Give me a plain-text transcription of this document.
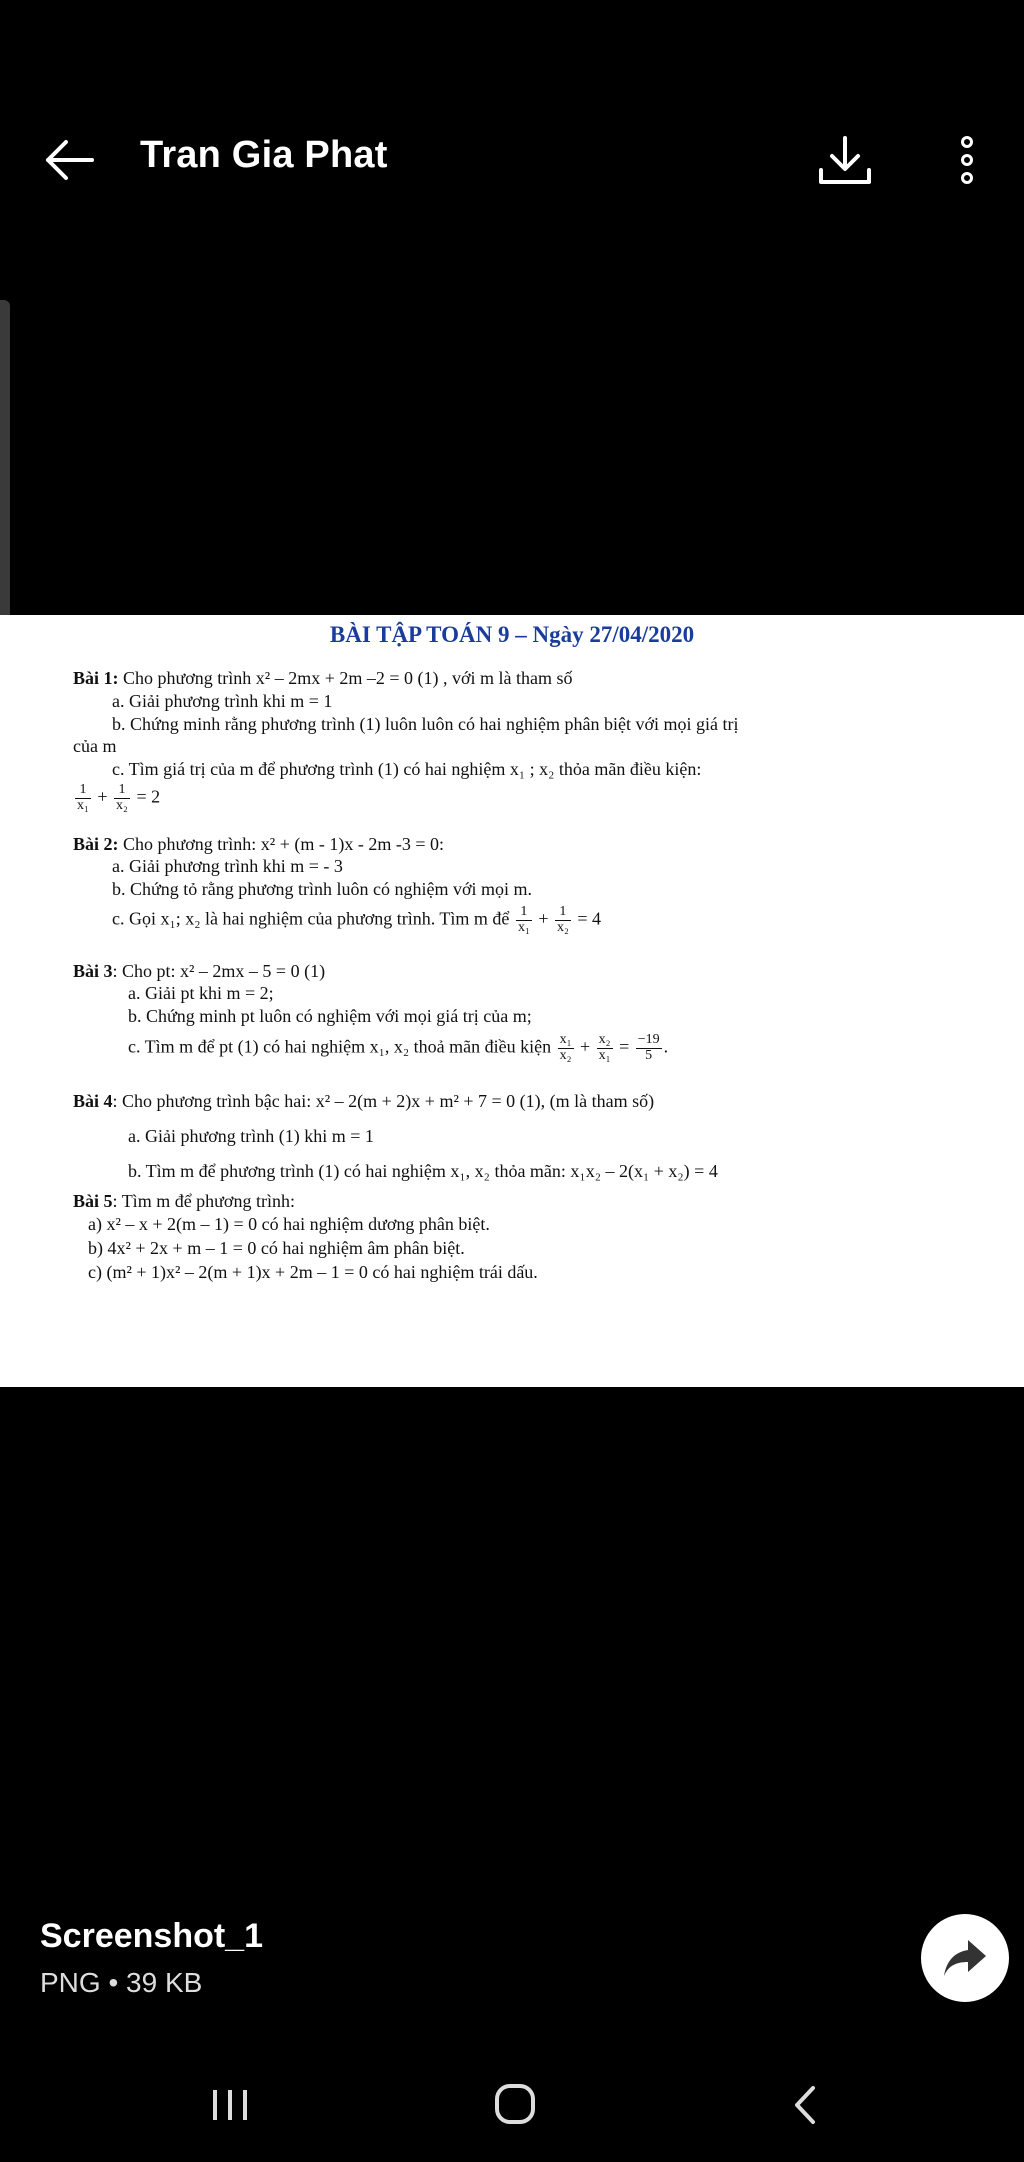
Tran Gia Phat
BÀI TẬP TOÁN 9 – Ngày 27/04/2020
Bài 1: Cho phương trình x² – 2mx + 2m –2 = 0 (1) , với m là tham số
a. Giải phương trình khi m = 1
b. Chứng minh rằng phương trình (1) luôn luôn có hai nghiệm phân biệt với mọi giá trị
của m
c. Tìm giá trị của m để phương trình (1) có hai nghiệm x₁ ; x₂ thỏa mãn điều kiện:
$\frac{1}{\text{x₁}} + \frac{1}{\text{x₂}} = 2$
Bài 2: Cho phương trình: x² + (m - 1)x - 2m -3 = 0:
a. Giải phương trình khi m = - 3
b. Chứng tỏ rằng phương trình luôn có nghiệm với mọi m.
c. Gọi x₁; x₂ là hai nghiệm của phương trình. Tìm m để $\frac{1}{\text{x₁}} + \frac{1}{\text{x₂}} = 4$
Bài 3: Cho pt: x² – 2mx – 5 = 0 (1)
a. Giải pt khi m = 2;
b. Chứng minh pt luôn có nghiệm với mọi giá trị của m;
c. Tìm m để pt (1) có hai nghiệm x₁, x₂ thoả mãn điều kiện $\frac{\text{x₁}}{\text{x₂}} + \frac{\text{x₂}}{\text{x₁}} = \frac{-19}{5}$ .
Bài 4: Cho phương trình bậc hai: x² – 2(m + 2)x + m² + 7 = 0 (1), (m là tham số)
a. Giải phương trình (1) khi m = 1
b. Tìm m để phương trình (1) có hai nghiệm x₁, x₂ thỏa mãn: x₁x₂ – 2(x₁ + x₂) = 4
Bài 5: Tìm m để phương trình:
a) x² – x + 2(m – 1) = 0 có hai nghiệm dương phân biệt.
b) 4x² + 2x + m – 1 = 0 có hai nghiệm âm phân biệt.
c) (m² + 1)x² – 2(m + 1)x + 2m – 1 = 0 có hai nghiệm trái dấu.
Screenshot_1
PNG • 39 KB
